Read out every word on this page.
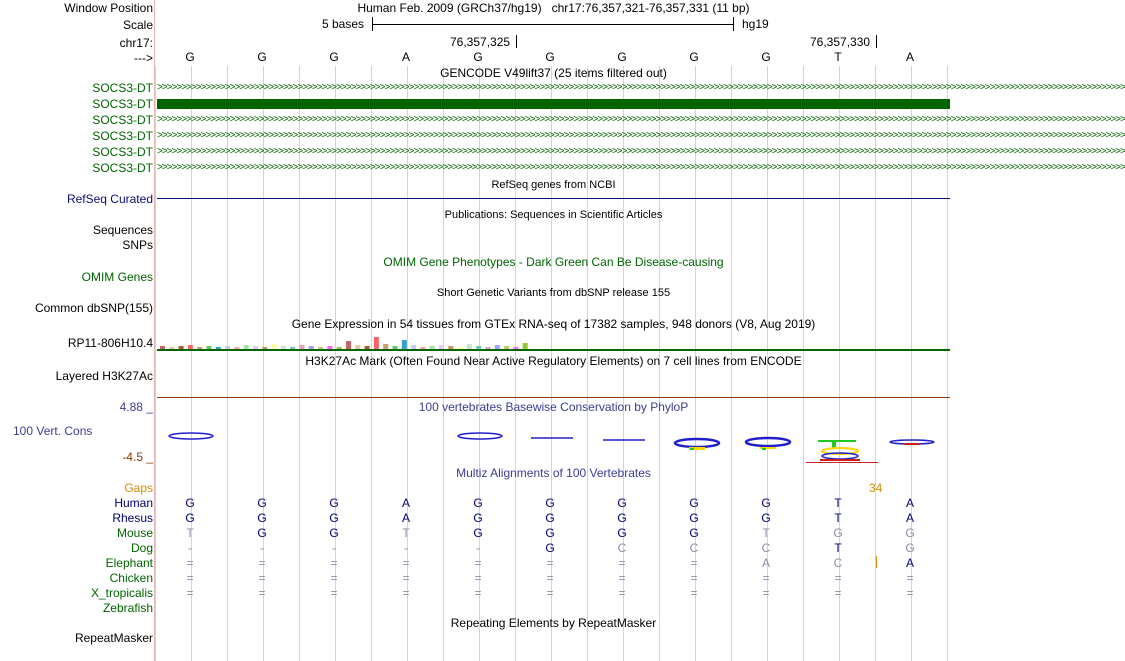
Window Position	Human Feb. 2009 (GRCh37/hg19)   chr17:76,357,321-76,357,331 (11 bp)
Scale	5 bases	hg19
chr17:	76,357,325	76,357,330
--->	G	G	G	A	G	G	G	G	G	T	A
GENCODE V49lift37 (25 items filtered out)
SOCS3-DT >>>>>>>>>>>>>>>>>>>>>>>>>>>>>>>>>>>>>>>>>>>>>>>>>>>>>>>>>>>>>>>>>>>>>>>>>>>>>>>>>>>>>>>>>>>>>>>>>>>>>>>>>>>>>>>>>>>>>>>>>>>>>>>>>>>>>>>>>>>>>>>>>>>>>>>>>>>>>>>>>>>>>>>>>>>>>>>>>>>>>>>>>>>>>>>>>>>>>>>>
SOCS3-DT
SOCS3-DT >>>>>>>>>>>>>>>>>>>>>>>>>>>>>>>>>>>>>>>>>>>>>>>>>>>>>>>>>>>>>>>>>>>>>>>>>>>>>>>>>>>>>>>>>>>>>>>>>>>>>>>>>>>>>>>>>>>>>>>>>>>>>>>>>>>>>>>>>>>>>>>>>>>>>>>>>>>>>>>>>>>>>>>>>>>>>>>>>>>>>>>>>>>>>>>>>>>>>>>>
SOCS3-DT >>>>>>>>>>>>>>>>>>>>>>>>>>>>>>>>>>>>>>>>>>>>>>>>>>>>>>>>>>>>>>>>>>>>>>>>>>>>>>>>>>>>>>>>>>>>>>>>>>>>>>>>>>>>>>>>>>>>>>>>>>>>>>>>>>>>>>>>>>>>>>>>>>>>>>>>>>>>>>>>>>>>>>>>>>>>>>>>>>>>>>>>>>>>>>>>>>>>>>>>
SOCS3-DT >>>>>>>>>>>>>>>>>>>>>>>>>>>>>>>>>>>>>>>>>>>>>>>>>>>>>>>>>>>>>>>>>>>>>>>>>>>>>>>>>>>>>>>>>>>>>>>>>>>>>>>>>>>>>>>>>>>>>>>>>>>>>>>>>>>>>>>>>>>>>>>>>>>>>>>>>>>>>>>>>>>>>>>>>>>>>>>>>>>>>>>>>>>>>>>>>>>>>>>>
SOCS3-DT >>>>>>>>>>>>>>>>>>>>>>>>>>>>>>>>>>>>>>>>>>>>>>>>>>>>>>>>>>>>>>>>>>>>>>>>>>>>>>>>>>>>>>>>>>>>>>>>>>>>>>>>>>>>>>>>>>>>>>>>>>>>>>>>>>>>>>>>>>>>>>>>>>>>>>>>>>>>>>>>>>>>>>>>>>>>>>>>>>>>>>>>>>>>>>>>>>>>>>>>
RefSeq genes from NCBI
RefSeq Curated
Publications: Sequences in Scientific Articles
Sequences
SNPs
OMIM Gene Phenotypes - Dark Green Can Be Disease-causing
OMIM Genes
Short Genetic Variants from dbSNP release 155
Common dbSNP(155)
Gene Expression in 54 tissues from GTEx RNA-seq of 17382 samples, 948 donors (V8, Aug 2019)
RP11-806H10.4
H3K27Ac Mark (Often Found Near Active Regulatory Elements) on 7 cell lines from ENCODE
Layered H3K27Ac
4.88 _	100 vertebrates Basewise Conservation by PhyloP
100 Vert. Cons
-4.5 _
Multiz Alignments of 100 Vertebrates
Gaps	34
Human	G	G	G	A	G	G	G	G	G	T	A
Rhesus	G	G	G	A	G	G	G	G	G	T	A
Mouse	T	G	G	T	G	G	G	G	T	G	G
Dog	-	-	-	-	-	G	C	C	C	T	G
Elephant	=	=	=	=	=	=	=	=	A	C	A
Chicken	=	=	=	=	=	=	=	=	=	=	=
X_tropicalis	=	=	=	=	=	=	=	=	=	=	=
Zebrafish
Repeating Elements by RepeatMasker
RepeatMasker
